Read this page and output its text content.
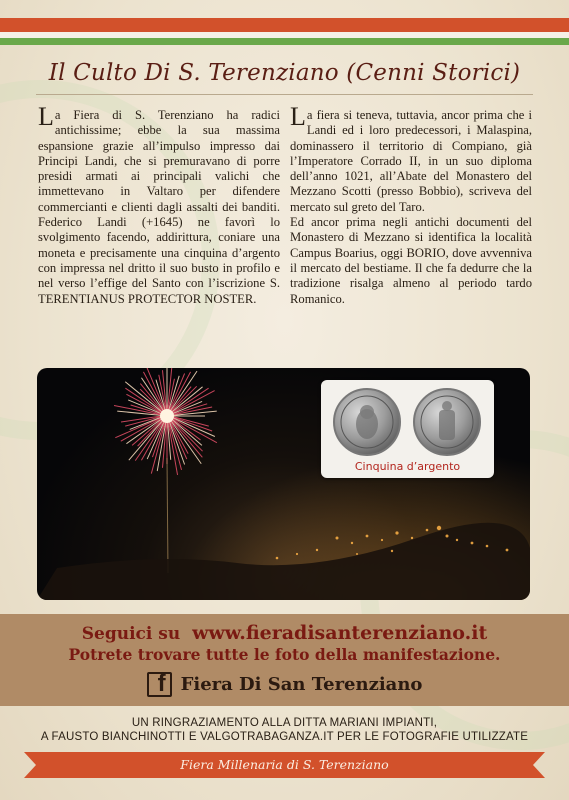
Il Culto Di S. Terenziano (Cenni Storici)

La Fiera di S. Terenziano ha radici antichissime; ebbe la sua massima espansione grazie all’impulso impresso dai Principi Landi, che si premuravano di porre presidi armati ai principali valichi che immettevano in Valtaro per difendere commercianti e clienti dagli assalti dei banditi. Federico Landi (+1645) ne favorì lo svolgimento facendo, addirittura, coniare una moneta e precisamente una cinquina d’argento con impressa nel dritto il suo busto in profilo e nel verso l’effige del Santo con l’iscrizione S. TERENTIANUS PROTECTOR NOSTER.

La fiera si teneva, tuttavia, ancor prima che i Landi ed i loro predecessori, i Malaspina, dominassero il territorio di Compiano, già l’Imperatore Corrado II, in un suo diploma dell’anno 1021, all’Abate del Monastero del Mezzano Scotti (presso Bobbio), scriveva del mercato sul greto del Taro.

Ed ancor prima negli antichi documenti del Monastero di Mezzano si identifica la località Campus Boarius, oggi BORIO, dove avvenniva il mercato del bestiame. Il che fa dedurre che la tradizione risalga almeno al periodo tardo Romanico.

Cinquina d’argento
Seguici su www.fieradisanterenziano.it
Potrete trovare tutte le foto della manifestazione.
f Fiera Di San Terenziano
UN RINGRAZIAMENTO ALLA DITTA MARIANI IMPIANTI,
A FAUSTO BIANCHINOTTI E VALGOTRABAGANZA.IT PER LE FOTOGRAFIE UTILIZZATE
Fiera Millenaria di S. Terenziano
